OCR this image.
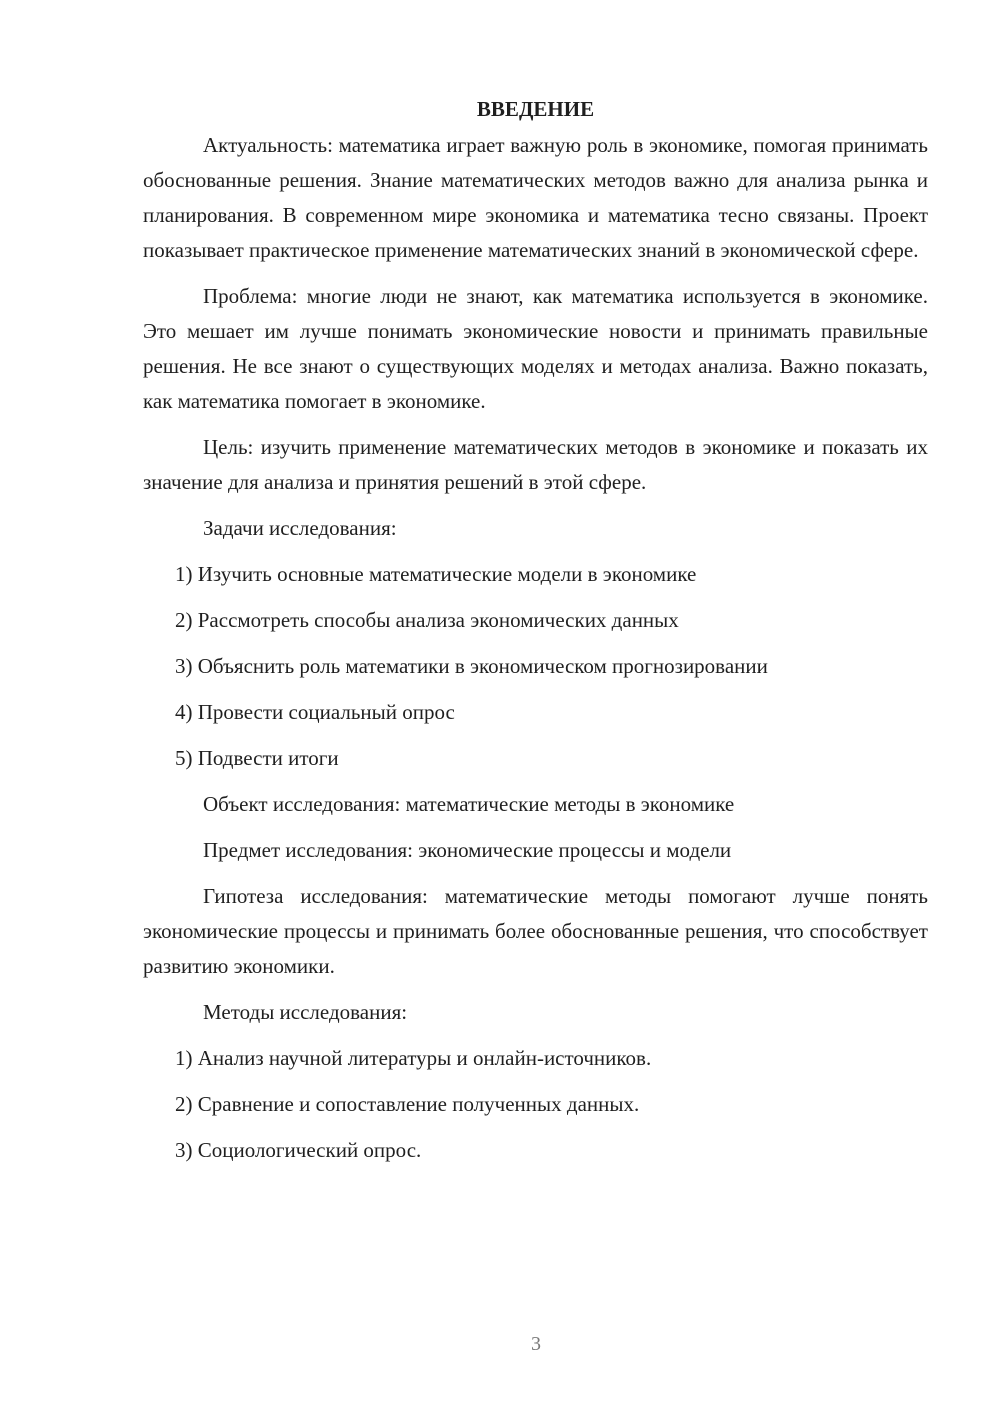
ВВЕДЕНИЕ

Актуальность: математика играет важную роль в экономике, помогая принимать обоснованные решения. Знание математических методов важно для анализа рынка и планирования. В современном мире экономика и математика тесно связаны. Проект показывает практическое применение математических знаний в экономической сфере.

Проблема: многие люди не знают, как математика используется в экономике. Это мешает им лучше понимать экономические новости и принимать правильные решения. Не все знают о существующих моделях и методах анализа. Важно показать, как математика помогает в экономике.

Цель: изучить применение математических методов в экономике и показать их значение для анализа и принятия решений в этой сфере.

Задачи исследования:

1) Изучить основные математические модели в экономике

2) Рассмотреть способы анализа экономических данных

3) Объяснить роль математики в экономическом прогнозировании

4) Провести социальный опрос

5) Подвести итоги

Объект исследования: математические методы в экономике

Предмет исследования: экономические процессы и модели

Гипотеза исследования: математические методы помогают лучше понять экономические процессы и принимать более обоснованные решения, что способствует развитию экономики.

Методы исследования:

1) Анализ научной литературы и онлайн-источников.

2) Сравнение и сопоставление полученных данных.

3) Социологический опрос.

3
